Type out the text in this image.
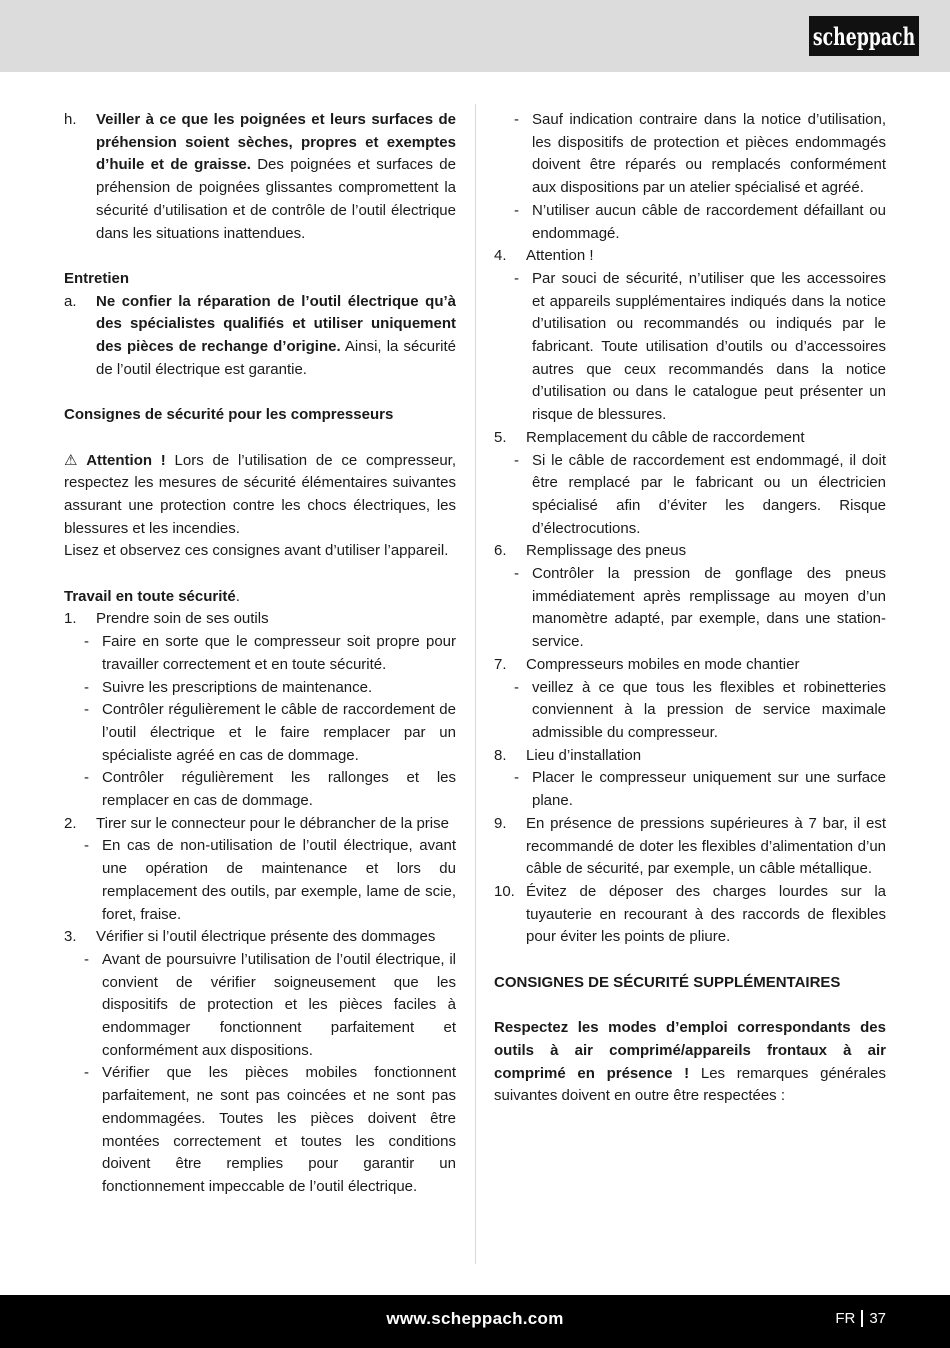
scheppach
h.	Veiller à ce que les poignées et leurs surfaces de préhension soient sèches, propres et exemptes d’huile et de graisse. Des poignées et surfaces de préhension de poignées glissantes compromettent la sécurité d’utilisation et de contrôle de l’outil électrique dans les situations inattendues.

Entretien

a.	Ne confier la réparation de l’outil électrique qu’à des spécialistes qualifiés et utiliser uniquement des pièces de rechange d’origine. Ainsi, la sécurité de l’outil électrique est garantie.

Consignes de sécurité pour les compresseurs

⚠ Attention ! Lors de l’utilisation de ce compresseur, respectez les mesures de sécurité élémentaires suivantes assurant une protection contre les chocs électriques, les blessures et les incendies.

Lisez et observez ces consignes avant d’utiliser l’appareil.

Travail en toute sécurité.

1.	Prendre soin de ses outils

- Faire en sorte que le compresseur soit propre pour travailler correctement et en toute sécurité.

- Suivre les prescriptions de maintenance.

- Contrôler régulièrement le câble de raccordement de l’outil électrique et le faire remplacer par un spécialiste agréé en cas de dommage.

- Contrôler régulièrement les rallonges et les remplacer en cas de dommage.

2.	Tirer sur le connecteur pour le débrancher de la prise

- En cas de non-utilisation de l’outil électrique, avant une opération de maintenance et lors du remplacement des outils, par exemple, lame de scie, foret, fraise.

3.	Vérifier si l’outil électrique présente des dommages

- Avant de poursuivre l’utilisation de l’outil électrique, il convient de vérifier soigneusement que les dispositifs de protection et les pièces faciles à endommager fonctionnent parfaitement et conformément aux dispositions.

- Vérifier que les pièces mobiles fonctionnent parfaitement, ne sont pas coincées et ne sont pas endommagées. Toutes les pièces doivent être montées correctement et toutes les conditions doivent être remplies pour garantir un fonctionnement impeccable de l’outil électrique.

- Sauf indication contraire dans la notice d’utilisation, les dispositifs de protection et pièces endommagés doivent être réparés ou remplacés conformément aux dispositions par un atelier spécialisé et agréé.

- N’utiliser aucun câble de raccordement défaillant ou endommagé.

4.	Attention !

- Par souci de sécurité, n’utiliser que les accessoires et appareils supplémentaires indiqués dans la notice d’utilisation ou recommandés ou indiqués par le fabricant. Toute utilisation d’outils ou d’accessoires autres que ceux recommandés dans la notice d’utilisation ou dans le catalogue peut présenter un risque de blessures.

5.	Remplacement du câble de raccordement

- Si le câble de raccordement est endommagé, il doit être remplacé par le fabricant ou un électricien spécialisé afin d’éviter les dangers. Risque d’électrocutions.

6.	Remplissage des pneus

- Contrôler la pression de gonflage des pneus immédiatement après remplissage au moyen d’un manomètre adapté, par exemple, dans une station-service.

7.	Compresseurs mobiles en mode chantier

- veillez à ce que tous les flexibles et robinetteries conviennent à la pression de service maximale admissible du compresseur.

8.	Lieu d’installation

- Placer le compresseur uniquement sur une surface plane.

9.	En présence de pressions supérieures à 7 bar, il est recommandé de doter les flexibles d’alimentation d’un câble de sécurité, par exemple, un câble métallique.

10. Évitez de déposer des charges lourdes sur la tuyauterie en recourant à des raccords de flexibles pour éviter les points de pliure.

CONSIGNES DE SÉCURITÉ SUPPLÉMENTAIRES

Respectez les modes d’emploi correspondants des outils à air comprimé/appareils frontaux à air comprimé en présence ! Les remarques générales suivantes doivent en outre être respectées :

www.scheppach.com	FR 37
